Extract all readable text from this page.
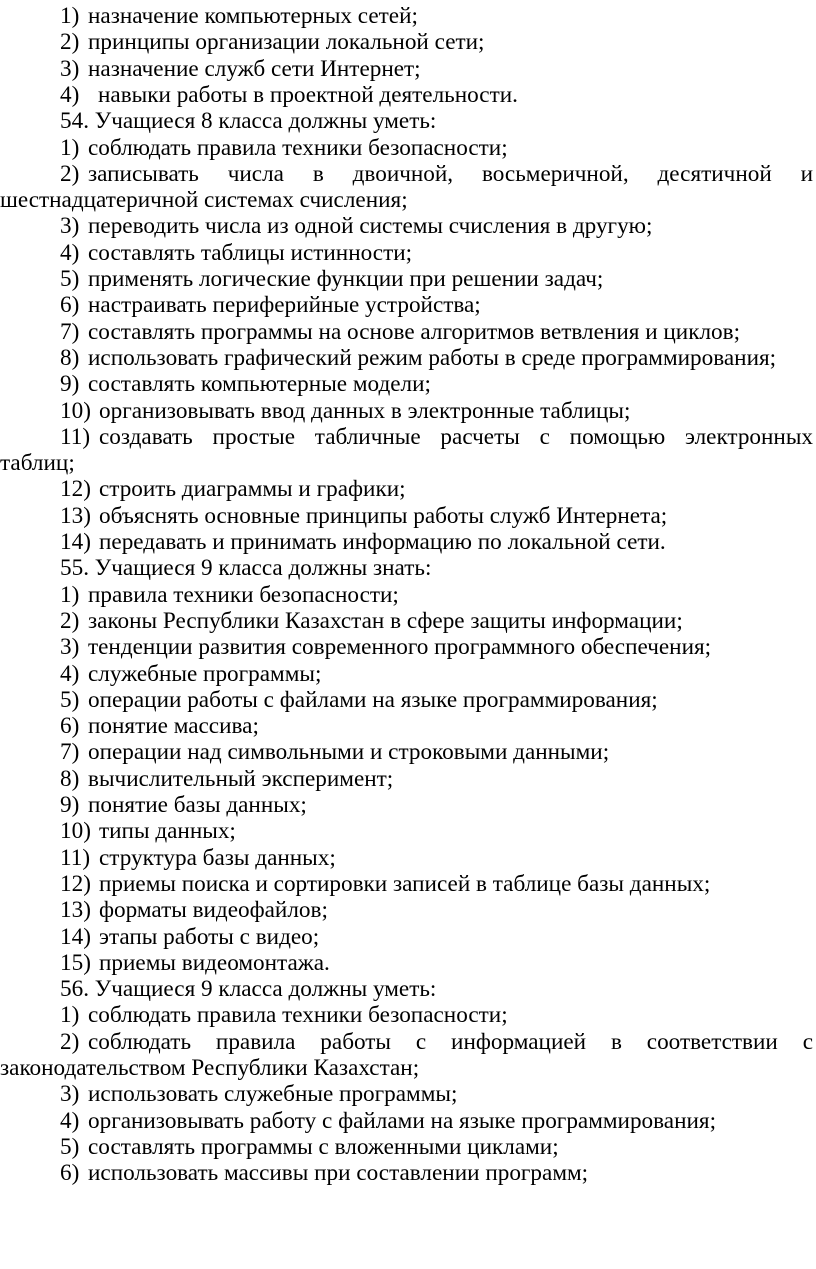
1) назначение компьютерных сетей;
2) принципы организации локальной сети;
3) назначение служб сети Интернет;
4) навыки работы в проектной деятельности.
54. Учащиеся 8 класса должны уметь:
1) соблюдать правила техники безопасности;
2) записывать числа в двоичной, восьмеричной, десятичной и
шестнадцатеричной системах счисления;
3) переводить числа из одной системы счисления в другую;
4) составлять таблицы истинности;
5) применять логические функции при решении задач;
6) настраивать периферийные устройства;
7) составлять программы на основе алгоритмов ветвления и циклов;
8) использовать графический режим работы в среде программирования;
9) составлять компьютерные модели;
10) организовывать ввод данных в электронные таблицы;
11) создавать простые табличные расчеты с помощью электронных
таблиц;
12) строить диаграммы и графики;
13) объяснять основные принципы работы служб Интернета;
14) передавать и принимать информацию по локальной сети.
55. Учащиеся 9 класса должны знать:
1) правила техники безопасности;
2) законы Республики Казахстан в сфере защиты информации;
3) тенденции развития современного программного обеспечения;
4) служебные программы;
5) операции работы с файлами на языке программирования;
6) понятие массива;
7) операции над символьными и строковыми данными;
8) вычислительный эксперимент;
9) понятие базы данных;
10) типы данных;
11) структура базы данных;
12) приемы поиска и сортировки записей в таблице базы данных;
13) форматы видеофайлов;
14) этапы работы с видео;
15) приемы видеомонтажа.
56. Учащиеся 9 класса должны уметь:
1) соблюдать правила техники безопасности;
2) соблюдать правила работы с информацией в соответствии с
законодательством Республики Казахстан;
3) использовать служебные программы;
4) организовывать работу с файлами на языке программирования;
5) составлять программы с вложенными циклами;
6) использовать массивы при составлении программ;
